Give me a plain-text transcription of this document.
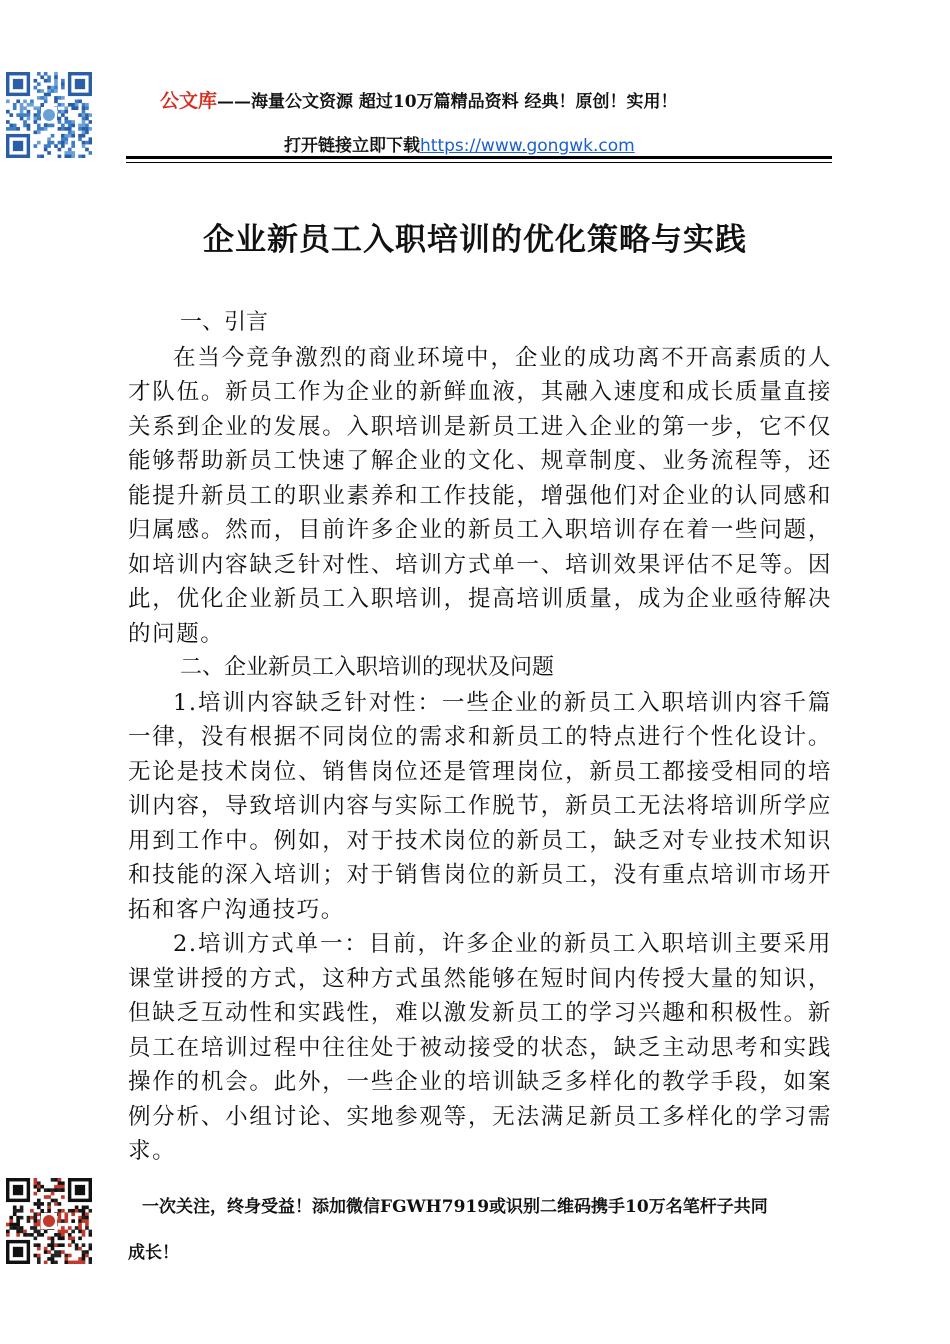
公文库——海量公文资源 超过10万篇精品资料 经典！原创！实用！
打开链接立即下载https://www.gongwk.com
企业新员工入职培训的优化策略与实践
一、引言

在当今竞争激烈的商业环境中，企业的成功离不开高素质的人才队伍。新员工作为企业的新鲜血液，其融入速度和成长质量直接关系到企业的发展。入职培训是新员工进入企业的第一步，它不仅能够帮助新员工快速了解企业的文化、规章制度、业务流程等，还能提升新员工的职业素养和工作技能，增强他们对企业的认同感和归属感。然而，目前许多企业的新员工入职培训存在着一些问题，如培训内容缺乏针对性、培训方式单一、培训效果评估不足等。因此，优化企业新员工入职培训，提高培训质量，成为企业亟待解决的问题。

二、企业新员工入职培训的现状及问题

1.培训内容缺乏针对性：一些企业的新员工入职培训内容千篇一律，没有根据不同岗位的需求和新员工的特点进行个性化设计。无论是技术岗位、销售岗位还是管理岗位，新员工都接受相同的培训内容，导致培训内容与实际工作脱节，新员工无法将培训所学应用到工作中。例如，对于技术岗位的新员工，缺乏对专业技术知识和技能的深入培训；对于销售岗位的新员工，没有重点培训市场开拓和客户沟通技巧。

2.培训方式单一：目前，许多企业的新员工入职培训主要采用课堂讲授的方式，这种方式虽然能够在短时间内传授大量的知识，但缺乏互动性和实践性，难以激发新员工的学习兴趣和积极性。新员工在培训过程中往往处于被动接受的状态，缺乏主动思考和实践操作的机会。此外，一些企业的培训缺乏多样化的教学手段，如案例分析、小组讨论、实地参观等，无法满足新员工多样化的学习需求。

一次关注，终身受益！添加微信FGWH7919或识别二维码携手10万名笔杆子共同
成长！
